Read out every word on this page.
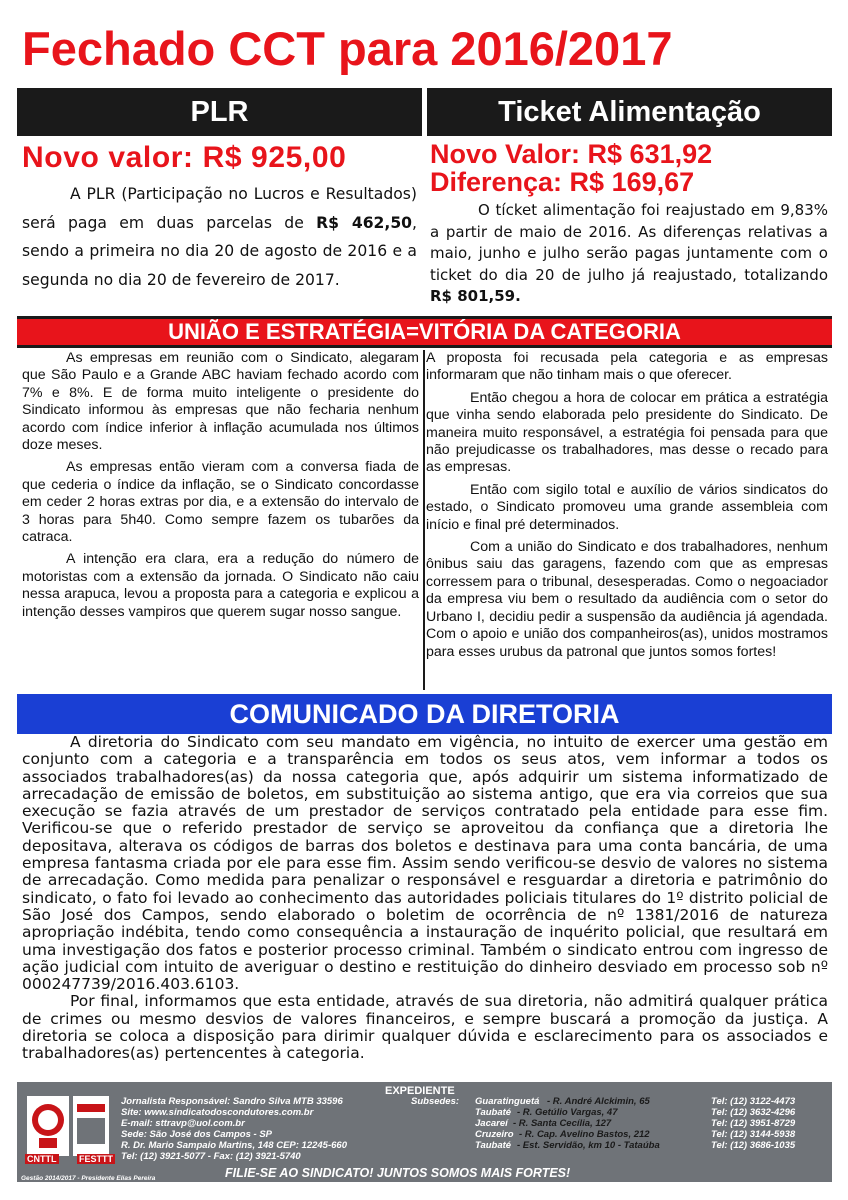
Fechado CCT para 2016/2017
PLR	Ticket Alimentação
Novo valor: R$ 925,00	Novo Valor: R$ 631,92
Diferença: R$ 169,67
A PLR (Participação no Lucros e Resultados) será paga em duas parcelas de R$ 462,50, sendo a primeira no dia 20 de agosto de 2016 e a segunda no dia 20 de fevereiro de 2017.
O tícket alimentação foi reajustado em 9,83% a partir de maio de 2016. As diferenças relativas a maio, junho e julho serão pagas juntamente com o ticket do dia 20 de julho já reajustado, totalizando R$ 801,59.
UNIÃO E ESTRATÉGIA=VITÓRIA DA CATEGORIA

As empresas em reunião com o Sindicato, alegaram que São Paulo e a Grande ABC haviam fechado acordo com 7% e 8%. E de forma muito inteligente o presidente do Sindicato informou às empresas que não fecharia nenhum acordo com índice inferior à inflação acumulada nos últimos doze meses.

As empresas então vieram com a conversa fiada de que cederia o índice da inflação, se o Sindicato concordasse em ceder 2 horas extras por dia, e a extensão do intervalo de 3 horas para 5h40. Como sempre fazem os tubarões da catraca.

A intenção era clara, era a redução do número de motoristas com a extensão da jornada. O Sindicato não caiu nessa arapuca, levou a proposta para a categoria e explicou a intenção desses vampiros que querem sugar nosso sangue.

A proposta foi recusada pela categoria e as empresas informaram que não tinham mais o que oferecer.

Então chegou a hora de colocar em prática a estratégia que vinha sendo elaborada pelo presidente do Sindicato. De maneira muito responsável, a estratégia foi pensada para que não prejudicasse os trabalhadores, mas desse o recado para as empresas.

Então com sigilo total e auxílio de vários sindicatos do estado, o Sindicato promoveu uma grande assembleia com início e final pré determinados.

Com a união do Sindicato e dos trabalhadores, nenhum ônibus saiu das garagens, fazendo com que as empresas corressem para o tribunal, desesperadas. Como o negoaciador da empresa viu bem o resultado da audiência com o setor do Urbano I, decidiu pedir a suspensão da audiência já agendada. Com o apoio e união dos companheiros(as), unidos mostramos para esses urubus da patronal que juntos somos fortes!

COMUNICADO DA DIRETORIA

A diretoria do Sindicato com seu mandato em vigência, no intuito de exercer uma gestão em conjunto com a categoria e a transparência em todos os seus atos, vem informar a todos os associados trabalhadores(as) da nossa categoria que, após adquirir um sistema informatizado de arrecadação de emissão de boletos, em substituição ao sistema antigo, que era via correios que sua execução se fazia através de um prestador de serviços contratado pela entidade para esse fim. Verificou-se que o referido prestador de serviço se aproveitou da confiança que a diretoria lhe depositava, alterava os códigos de barras dos boletos e destinava para uma conta bancária, de uma empresa fantasma criada por ele para esse fim. Assim sendo verificou-se desvio de valores no sistema de arrecadação. Como medida para penalizar o responsável e resguardar a diretoria e patrimônio do sindicato, o fato foi levado ao conhecimento das autoridades policiais titulares do 1º distrito policial de São José dos Campos, sendo elaborado o boletim de ocorrência de nº 1381/2016 de natureza apropriação indébita, tendo como consequência a instauração de inquérito policial, que resultará em uma investigação dos fatos e posterior processo criminal. Também o sindicato entrou com ingresso de ação judicial com intuito de averiguar o destino e restituição do dinheiro desviado em processo sob nº 000247739/2016.403.6103.

Por final, informamos que esta entidade, através de sua diretoria, não admitirá qualquer prática de crimes ou mesmo desvios de valores financeiros, e sempre buscará a promoção da justiça. A diretoria se coloca a disposição para dirimir qualquer dúvida e esclarecimento para os associados e trabalhadores(as) pertencentes à categoria.

CNTTL	FESTTT
EXPEDIENTE
Jornalista Responsável: Sandro Silva MTB 33596
Site: www.sindicatodoscondutores.com.br
E-mail: sttravp@uol.com.br
Sede: São José dos Campos - SP
R. Dr. Mario Sampaio Martins, 148 CEP: 12245-660
Tel: (12) 3921-5077 - Fax: (12) 3921-5740
Subsedes: Guaratinguetá - R. André Alckimin, 65	Tel: (12) 3122-4473
Taubaté - R. Getúlio Vargas, 47	Tel: (12) 3632-4296
Jacareí - R. Santa Cecília, 127	Tel: (12) 3951-8729
Cruzeiro - R. Cap. Avelino Bastos, 212	Tel: (12) 3144-5938
Taubaté - Est. Servidão, km 10 - Tataúba	Tel: (12) 3686-1035
Gestão 2014/2017 - Presidente Elias Pereira	FILIE-SE AO SINDICATO! JUNTOS SOMOS MAIS FORTES!
